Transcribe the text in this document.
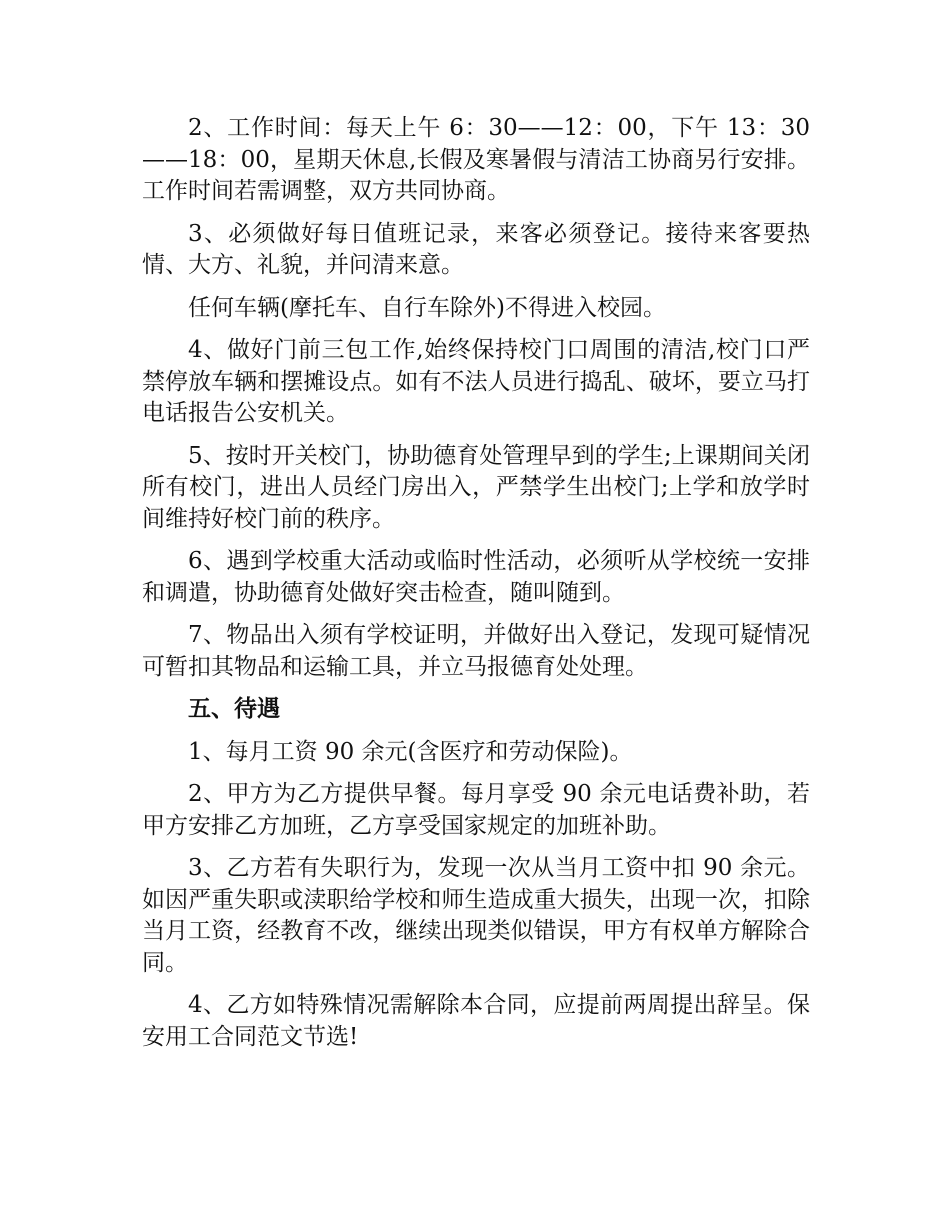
2、工作时间：每天上午 6：30——12：00，下午 13：30——18：00，星期天休息,长假及寒暑假与清洁工协商另行安排。工作时间若需调整，双方共同协商。

3、必须做好每日值班记录，来客必须登记。接待来客要热情、大方、礼貌，并问清来意。

任何车辆(摩托车、自行车除外)不得进入校园。

4、做好门前三包工作,始终保持校门口周围的清洁,校门口严禁停放车辆和摆摊设点。如有不法人员进行捣乱、破坏，要立马打电话报告公安机关。

5、按时开关校门，协助德育处管理早到的学生;上课期间关闭所有校门，进出人员经门房出入，严禁学生出校门;上学和放学时间维持好校门前的秩序。

6、遇到学校重大活动或临时性活动，必须听从学校统一安排和调遣，协助德育处做好突击检查，随叫随到。

7、物品出入须有学校证明，并做好出入登记，发现可疑情况可暂扣其物品和运输工具，并立马报德育处处理。

五、待遇

1、每月工资 90 余元(含医疗和劳动保险)。

2、甲方为乙方提供早餐。每月享受 90 余元电话费补助，若甲方安排乙方加班，乙方享受国家规定的加班补助。

3、乙方若有失职行为，发现一次从当月工资中扣 90 余元。如因严重失职或渎职给学校和师生造成重大损失，出现一次，扣除当月工资，经教育不改，继续出现类似错误，甲方有权单方解除合同。

4、乙方如特殊情况需解除本合同，应提前两周提出辞呈。保安用工合同范文节选!
